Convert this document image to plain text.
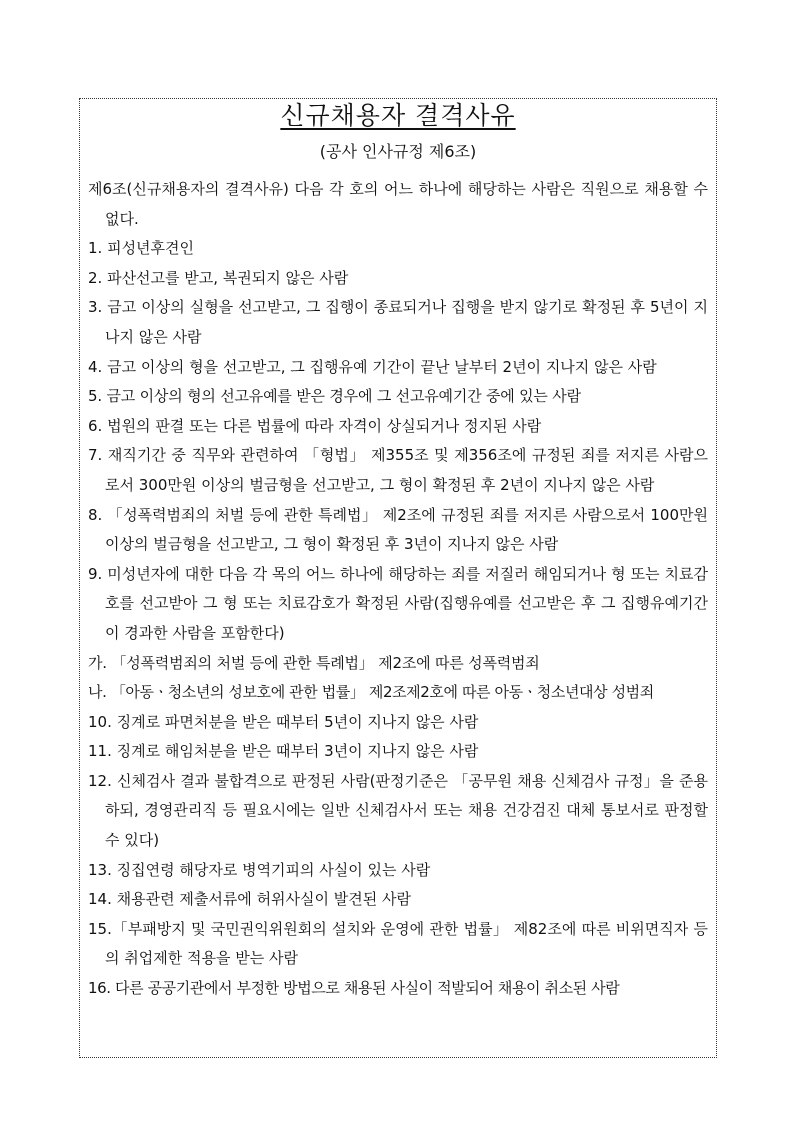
신규채용자 결격사유
(공사 인사규정 제6조)

제6조(신규채용자의 결격사유) 다음 각 호의 어느 하나에 해당하는 사람은 직원으로 채용할 수 없다.

1. 피성년후견인

2. 파산선고를 받고, 복권되지 않은 사람

3. 금고 이상의 실형을 선고받고, 그 집행이 종료되거나 집행을 받지 않기로 확정된 후 5년이 지나지 않은 사람

4. 금고 이상의 형을 선고받고, 그 집행유예 기간이 끝난 날부터 2년이 지나지 않은 사람

5. 금고 이상의 형의 선고유예를 받은 경우에 그 선고유예기간 중에 있는 사람

6. 법원의 판결 또는 다른 법률에 따라 자격이 상실되거나 정지된 사람

7. 재직기간 중 직무와 관련하여 「형법」 제355조 및 제356조에 규정된 죄를 저지른 사람으로서 300만원 이상의 벌금형을 선고받고, 그 형이 확정된 후 2년이 지나지 않은 사람

8. 「성폭력범죄의 처벌 등에 관한 특례법」 제2조에 규정된 죄를 저지른 사람으로서 100만원 이상의 벌금형을 선고받고, 그 형이 확정된 후 3년이 지나지 않은 사람

9. 미성년자에 대한 다음 각 목의 어느 하나에 해당하는 죄를 저질러 해임되거나 형 또는 치료감호를 선고받아 그 형 또는 치료감호가 확정된 사람(집행유예를 선고받은 후 그 집행유예기간이 경과한 사람을 포함한다)

가. 「성폭력범죄의 처벌 등에 관한 특례법」 제2조에 따른 성폭력범죄

나. 「아동ㆍ청소년의 성보호에 관한 법률」 제2조제2호에 따른 아동ㆍ청소년대상 성범죄

10. 징계로 파면처분을 받은 때부터 5년이 지나지 않은 사람

11. 징계로 해임처분을 받은 때부터 3년이 지나지 않은 사람

12. 신체검사 결과 불합격으로 판정된 사람(판정기준은 「공무원 채용 신체검사 규정」을 준용하되, 경영관리직 등 필요시에는 일반 신체검사서 또는 채용 건강검진 대체 통보서로 판정할 수 있다)

13. 징집연령 해당자로 병역기피의 사실이 있는 사람

14. 채용관련 제출서류에 허위사실이 발견된 사람

15.「부패방지 및 국민권익위원회의 설치와 운영에 관한 법률」 제82조에 따른 비위면직자 등의 취업제한 적용을 받는 사람

16. 다른 공공기관에서 부정한 방법으로 채용된 사실이 적발되어 채용이 취소된 사람
